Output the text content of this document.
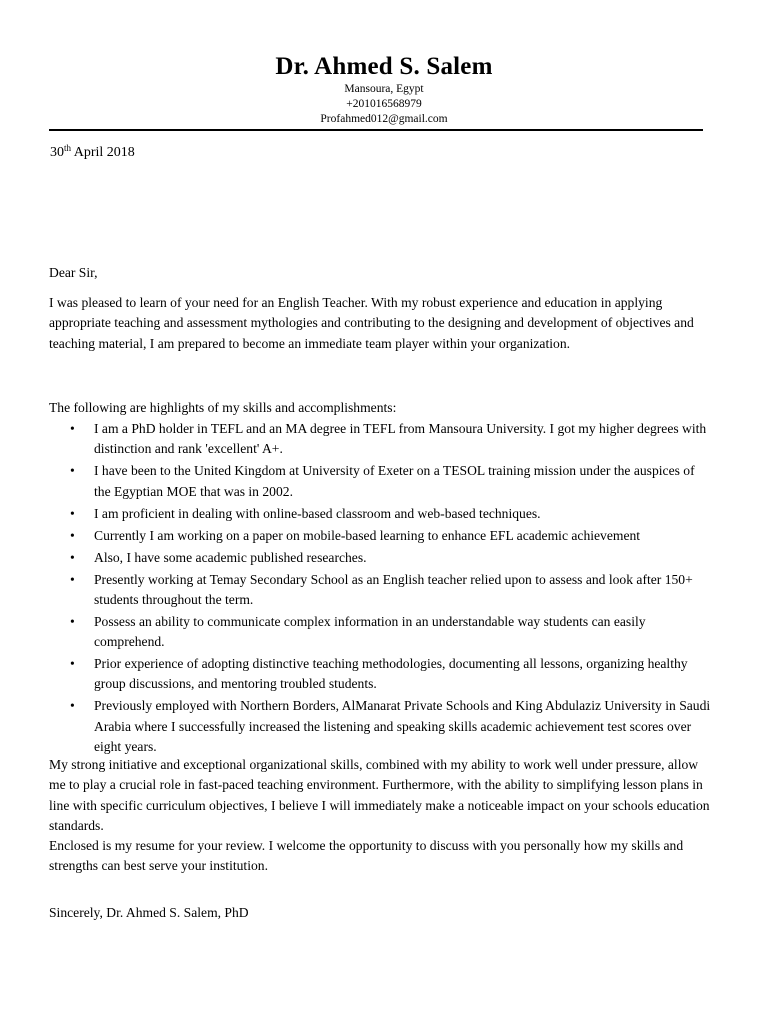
Dr. Ahmed S. Salem
Mansoura, Egypt
+201016568979
Profahmed012@gmail.com
30th April 2018
Dear Sir,
I was pleased to learn of your need for an English Teacher. With my robust experience and education in applying appropriate teaching and assessment mythologies and contributing to the designing and development of objectives and teaching material, I am prepared to become an immediate team player within your organization.
The following are highlights of my skills and accomplishments:
• I am a PhD holder in TEFL and an MA degree in TEFL from Mansoura University. I got my higher degrees with distinction and rank 'excellent' A+.
• I have been to the United Kingdom at University of Exeter on a TESOL training mission under the auspices of the Egyptian MOE that was in 2002.
• I am proficient in dealing with online-based classroom and web-based techniques.
• Currently I am working on a paper on mobile-based learning to enhance EFL academic achievement
• Also, I have some academic published researches.
• Presently working at Temay Secondary School as an English teacher relied upon to assess and look after 150+ students throughout the term.
• Possess an ability to communicate complex information in an understandable way students can easily comprehend.
• Prior experience of adopting distinctive teaching methodologies, documenting all lessons, organizing healthy group discussions, and mentoring troubled students.
• Previously employed with Northern Borders, AlManarat Private Schools and King Abdulaziz University in Saudi Arabia where I successfully increased the listening and speaking skills academic achievement test scores over eight years.
My strong initiative and exceptional organizational skills, combined with my ability to work well under pressure, allow me to play a crucial role in fast-paced teaching environment. Furthermore, with the ability to simplifying lesson plans in line with specific curriculum objectives, I believe I will immediately make a noticeable impact on your schools education standards.
Enclosed is my resume for your review. I welcome the opportunity to discuss with you personally how my skills and strengths can best serve your institution.
Sincerely, Dr. Ahmed S. Salem, PhD
